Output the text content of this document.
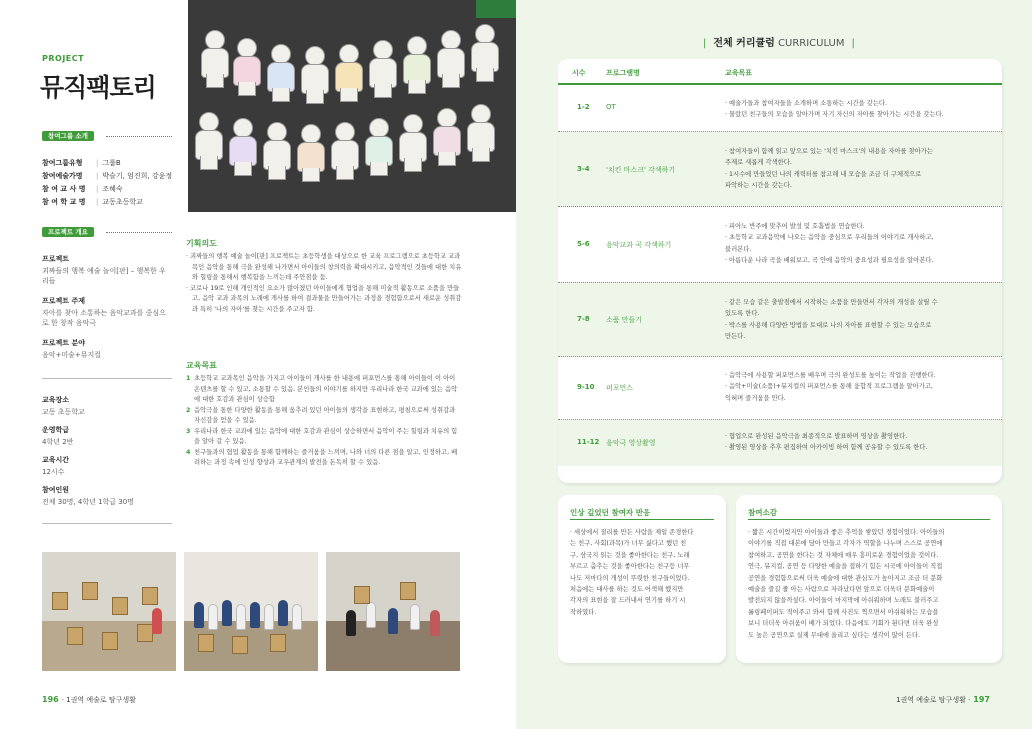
PROJECT
뮤직팩토리
참여그룹 소개
참여그룹유형 | 그룹B
참여예술가명 | 박슬기, 엄진희, 강윤정
참 여 교 사 명 | 조혜숙
참 여 학 교 명 | 교동초등학교
프로젝트 개요
프로젝트
괴짜들의 행복 예술 놀이[판] – 행복한 우리들
프로젝트 주제
자아를 찾아 소통하는 음악교과를 중심으로 한 창작 음악극
프로젝트 분야
음악+미술+뮤지컬
교육장소
교동 초등학교
운영학급
4학년 2반
교육시간
12시수
참여인원
전체 30명, 4학년 1학급 30명
기획의도
· 괴짜들의 행복 예술 놀이[판] 프로젝트는 초등학생을 대상으로 한 교육 프로그램으로 초등학교 교과목인 음악을 통해 극을 완성해 나가면서 아이들의 창의력을 확대시키고, 음악적인 것들에 대한 치유와 힐링을 통해서 행복함을 느끼는데 주안점을 둠.
· 코로나 19로 인해 개인적인 요소가 많아졌던 아이들에게 협업을 통해 미술적 활동으로 소품을 만들고, 음악 교과 과목의 노래에 개사를 하여 결과물을 만들어가는 과정을 경험함으로서 새로운 성취감과 특히 '나의 자아'를 찾는 시간을 주고자 함.
교육목표
1 초등학교 교과목인 음악을 가지고 아이들이 개사를 한 내용에 퍼포먼스를 통해 아이들이 이 아이온텐츠를 할 수 있고, 소통할 수 있음. 본인들의 이야기를 하지만 우리나라 한국 교과에 있는 음악에 대한 호감과 관심이 상승함
2 음악극을 통한 다양한 활동을 통해 움추려 있던 아이들의 생각을 표현하고, 평침으로써 성취감과 자신감을 얻을 수 있음.
3 우리나라 한국 교과에 있는 음악에 대한 호감과 관심이 상승하면서 음악이 주는 힐링과 치유의 힘을 알아 갈 수 있음.
4 친구들과의 협업 활동을 통해 함께하는 즐거움을 느끼며, 나와 너의 다른 점을 알고, 인정하고, 배려하는 과정 속에 인성 향상과 교우관계의 발전을 돈독히 할 수 있음.
196 · 1권역 예술로 탐구생활
| 전체 커리큘럼 CURRICULUM |
시수	프로그램명	교육목표
1-2 OT	· 예술가들과 참여자들을 소개하며 소통하는 시간을 갖는다.
· 물랐던 친구들의 모습을 알아가며 자기 자신의 자아를 찾아가는 시간을 갖는다.
3-4 '치킨 마스크' 각색하기
· 참여자들이 함께 읽고 앞으로 있는 '치킨 마스크'의 내용을 자아를 찾아가는
주제로 새롭게 각색한다.
· 1시수에 만들었던 나의 캐릭터를 참고해 내 모습을 조금 더 구체적으로
파악하는 시간을 갖는다.
5-6 음악교과 곡 각색하기
· 피아노 반주에 맞추어 발성 및 호흡법을 연습한다.
· 초등학교 교과음악에 나오는 음악을 중심으로 우리들의 이야기로 개사하고,
불러본다.
· 아름다운 나라 곡을 배워보고, 곡 안에 음악의 중요성과 필요성을 알아본다.
7-8 소품 만들기
· 같은 모습 같은 출발점에서 시작하는 소품을 만들면서 각자의 개성을 살릴 수
있도록 한다.
· 박스를 사용해 다양한 방법을 토대로 나의 자아를 표현할 수 있는 모습으로
만든다.
9-10 퍼포먼스
· 음악극에 사용할 퍼포먼스를 배우며 극의 완성도를 높이는 작업을 진행한다.
· 음악+미술(소품)+뮤지컬의 퍼포먼스를 통해 융합적 프로그램을 알아가고,
익혀며 즐거움을 안다.
11-12 음악극 영상촬영
· 협업으로 완성된 음악극을 최종적으로 발표하며 영상을 촬영한다.
· 촬영된 영상을 추후 편집하여 아카이빙 하여 함께 공유할 수 있도록 한다.
인상 깊었던 참여자 반응
· 세상에서 절리를 만든 사람을 제일 존경한다
는 친구, 사회(과목)가 너무 싫다고 했던 친
구, 삼국지 읽는 것을 좋아한다는 친구, 노래
부르고 춤추는 것을 좋아한다는 친구등 너무
나도 저마다의 개성이 뚜렷한 친구들이었다.
처음에는 대사를 하는 것도 어색해 했지만
각자의 표현을 잘 드러내서 연기를 하기 시
작하였다.
참여소감
· 짧은 시간이었지만 아이들과 좋은 추억을 쌓았던 경험이었다. 아이들의
이야기를 직접 대본에 담아 만들고 각자가 역할을 나누며 스스로 공연에
참여하고, 공연을 한다는 것 자체에 매우 흥미로운 경험이었을 것이다.
연극, 뮤지컬, 공연 등 다양한 예술을 접하기 힘든 시국에 아이들이 직접
공연을 경험함으로써 더욱 예술에 대한 관심도가 높아지고 조금 더 문화
예술을 즐길 줄 아는 사람으로 자라났다면 앞으로 더욱더 문화예술이
발전되지 않을까싶다. 아이들이 마지막에 아쉬워하며 노래도 불러주고
롤링페이퍼도 적어주고 와서 함께 사진도 찍으면서 아쉬워하는 모습을
보니 더더욱 아쉬움이 배가 되었다. 다음에도 기회가 된다면 더욱 완성
도 높은 공연으로 실제 무대에 올리고 싶다는 생각이 많이 든다.
1권역 예술로 탐구생활 · 197
